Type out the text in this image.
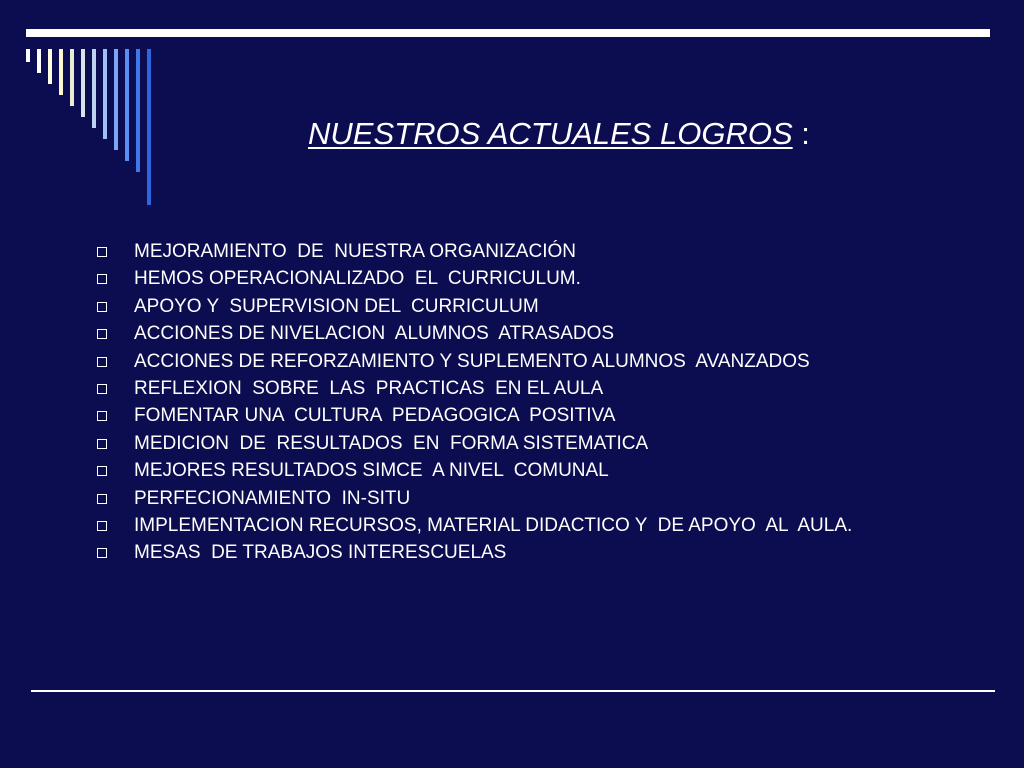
NUESTROS ACTUALES LOGROS :
MEJORAMIENTO  DE  NUESTRA ORGANIZACIÓN
HEMOS OPERACIONALIZADO  EL  CURRICULUM.
APOYO Y  SUPERVISION DEL  CURRICULUM
ACCIONES DE NIVELACION  ALUMNOS  ATRASADOS
ACCIONES DE REFORZAMIENTO Y SUPLEMENTO ALUMNOS  AVANZADOS
REFLEXION  SOBRE  LAS  PRACTICAS  EN EL AULA
FOMENTAR UNA  CULTURA  PEDAGOGICA  POSITIVA
MEDICION  DE  RESULTADOS  EN  FORMA SISTEMATICA
MEJORES RESULTADOS SIMCE  A NIVEL  COMUNAL
PERFECIONAMIENTO  IN-SITU
IMPLEMENTACION RECURSOS, MATERIAL DIDACTICO Y  DE APOYO  AL  AULA.
MESAS  DE TRABAJOS INTERESCUELAS
